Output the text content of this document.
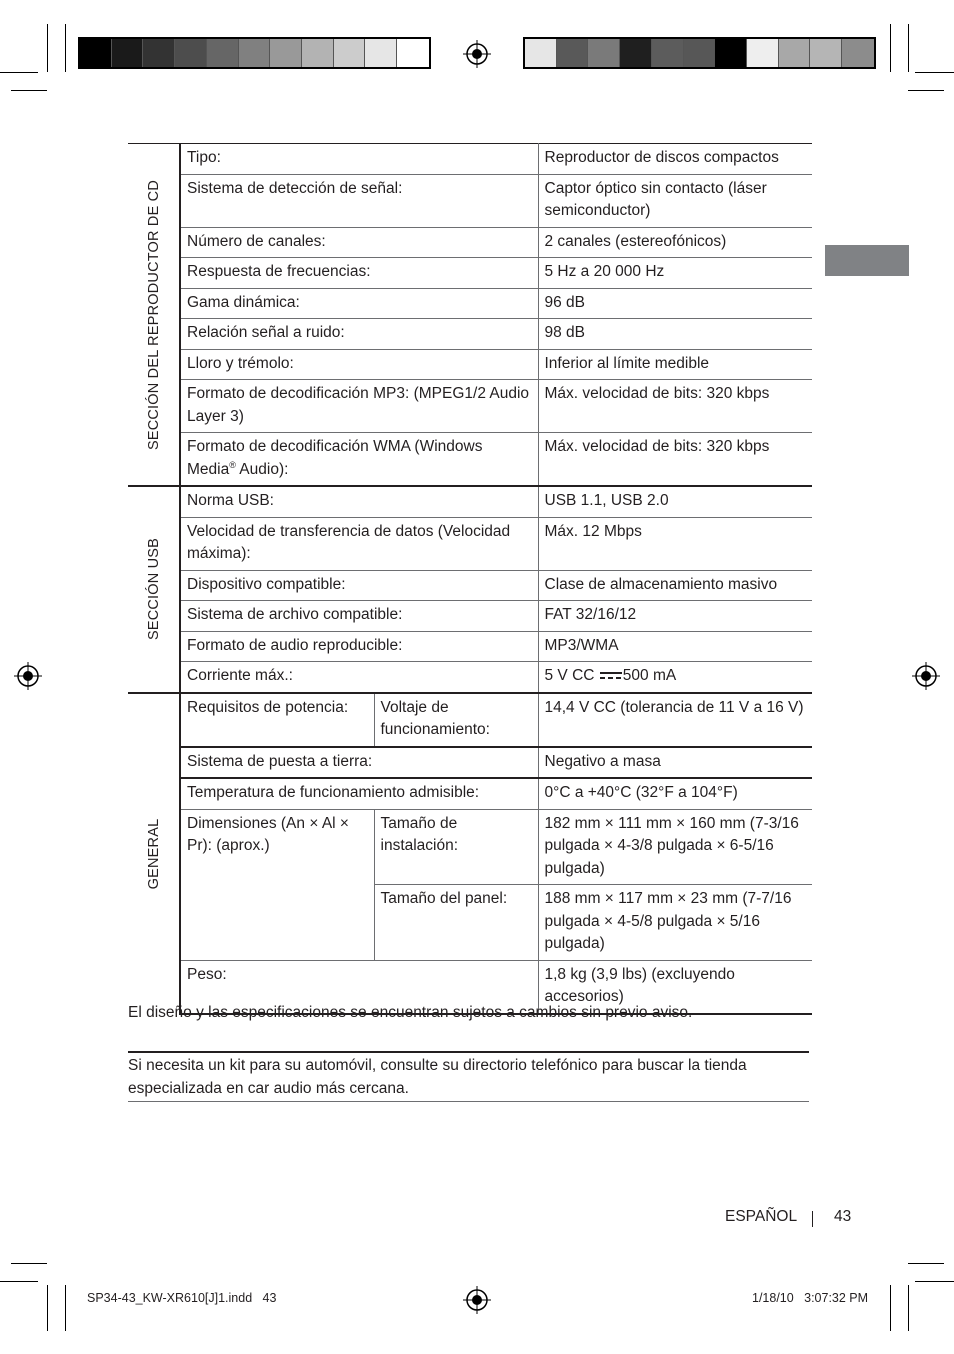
SECCIÓN DEL REPRODUCTOR DE CD	Tipo:		Reproductor de discos compactos
	Sistema de detección de señal:		Captor óptico sin contacto (láser semiconductor)
	Número de canales:		2 canales (estereofónicos)
	Respuesta de frecuencias:		5 Hz a 20 000 Hz
	Gama dinámica:		96 dB
	Relación señal a ruido:		98 dB
	Lloro y trémolo:		Inferior al límite medible
	Formato de decodificación MP3: (MPEG1/2 Audio Layer 3)		Máx. velocidad de bits: 320 kbps
	Formato de decodificación WMA (Windows Media® Audio):		Máx. velocidad de bits: 320 kbps

SECCIÓN USB	Norma USB:		USB 1.1, USB 2.0
	Velocidad de transferencia de datos (Velocidad máxima):		Máx. 12 Mbps
	Dispositivo compatible:		Clase de almacenamiento masivo
	Sistema de archivo compatible:		FAT 32/16/12
	Formato de audio reproducible:		MP3/WMA
	Corriente máx.:		5 V CC 500 mA

GENERAL	Requisitos de potencia:	Voltaje de funcionamiento:	14,4 V CC (tolerancia de 11 V a 16 V)
	Sistema de puesta a tierra:		Negativo a masa
	Temperatura de funcionamiento admisible:		0°C a +40°C (32°F a 104°F)
	Dimensiones (An × Al × Pr): (aprox.)	Tamaño de instalación:	182 mm × 111 mm × 160 mm (7-3/16 pulgada × 4-3/8 pulgada × 6-5/16 pulgada)
		Tamaño del panel:	188 mm × 117 mm × 23 mm (7-7/16 pulgada × 4-5/8 pulgada × 5/16 pulgada)
	Peso:		1,8 kg (3,9 lbs) (excluyendo accesorios)
El diseño y las especificaciones se encuentran sujetos a cambios sin previo aviso.
Si necesita un kit para su automóvil, consulte su directorio telefónico para buscar la tienda especializada en car audio más cercana.
ESPAÑOL 43
SP34-43_KW-XR610[J]1.indd   43	1/18/10   3:07:32 PM
